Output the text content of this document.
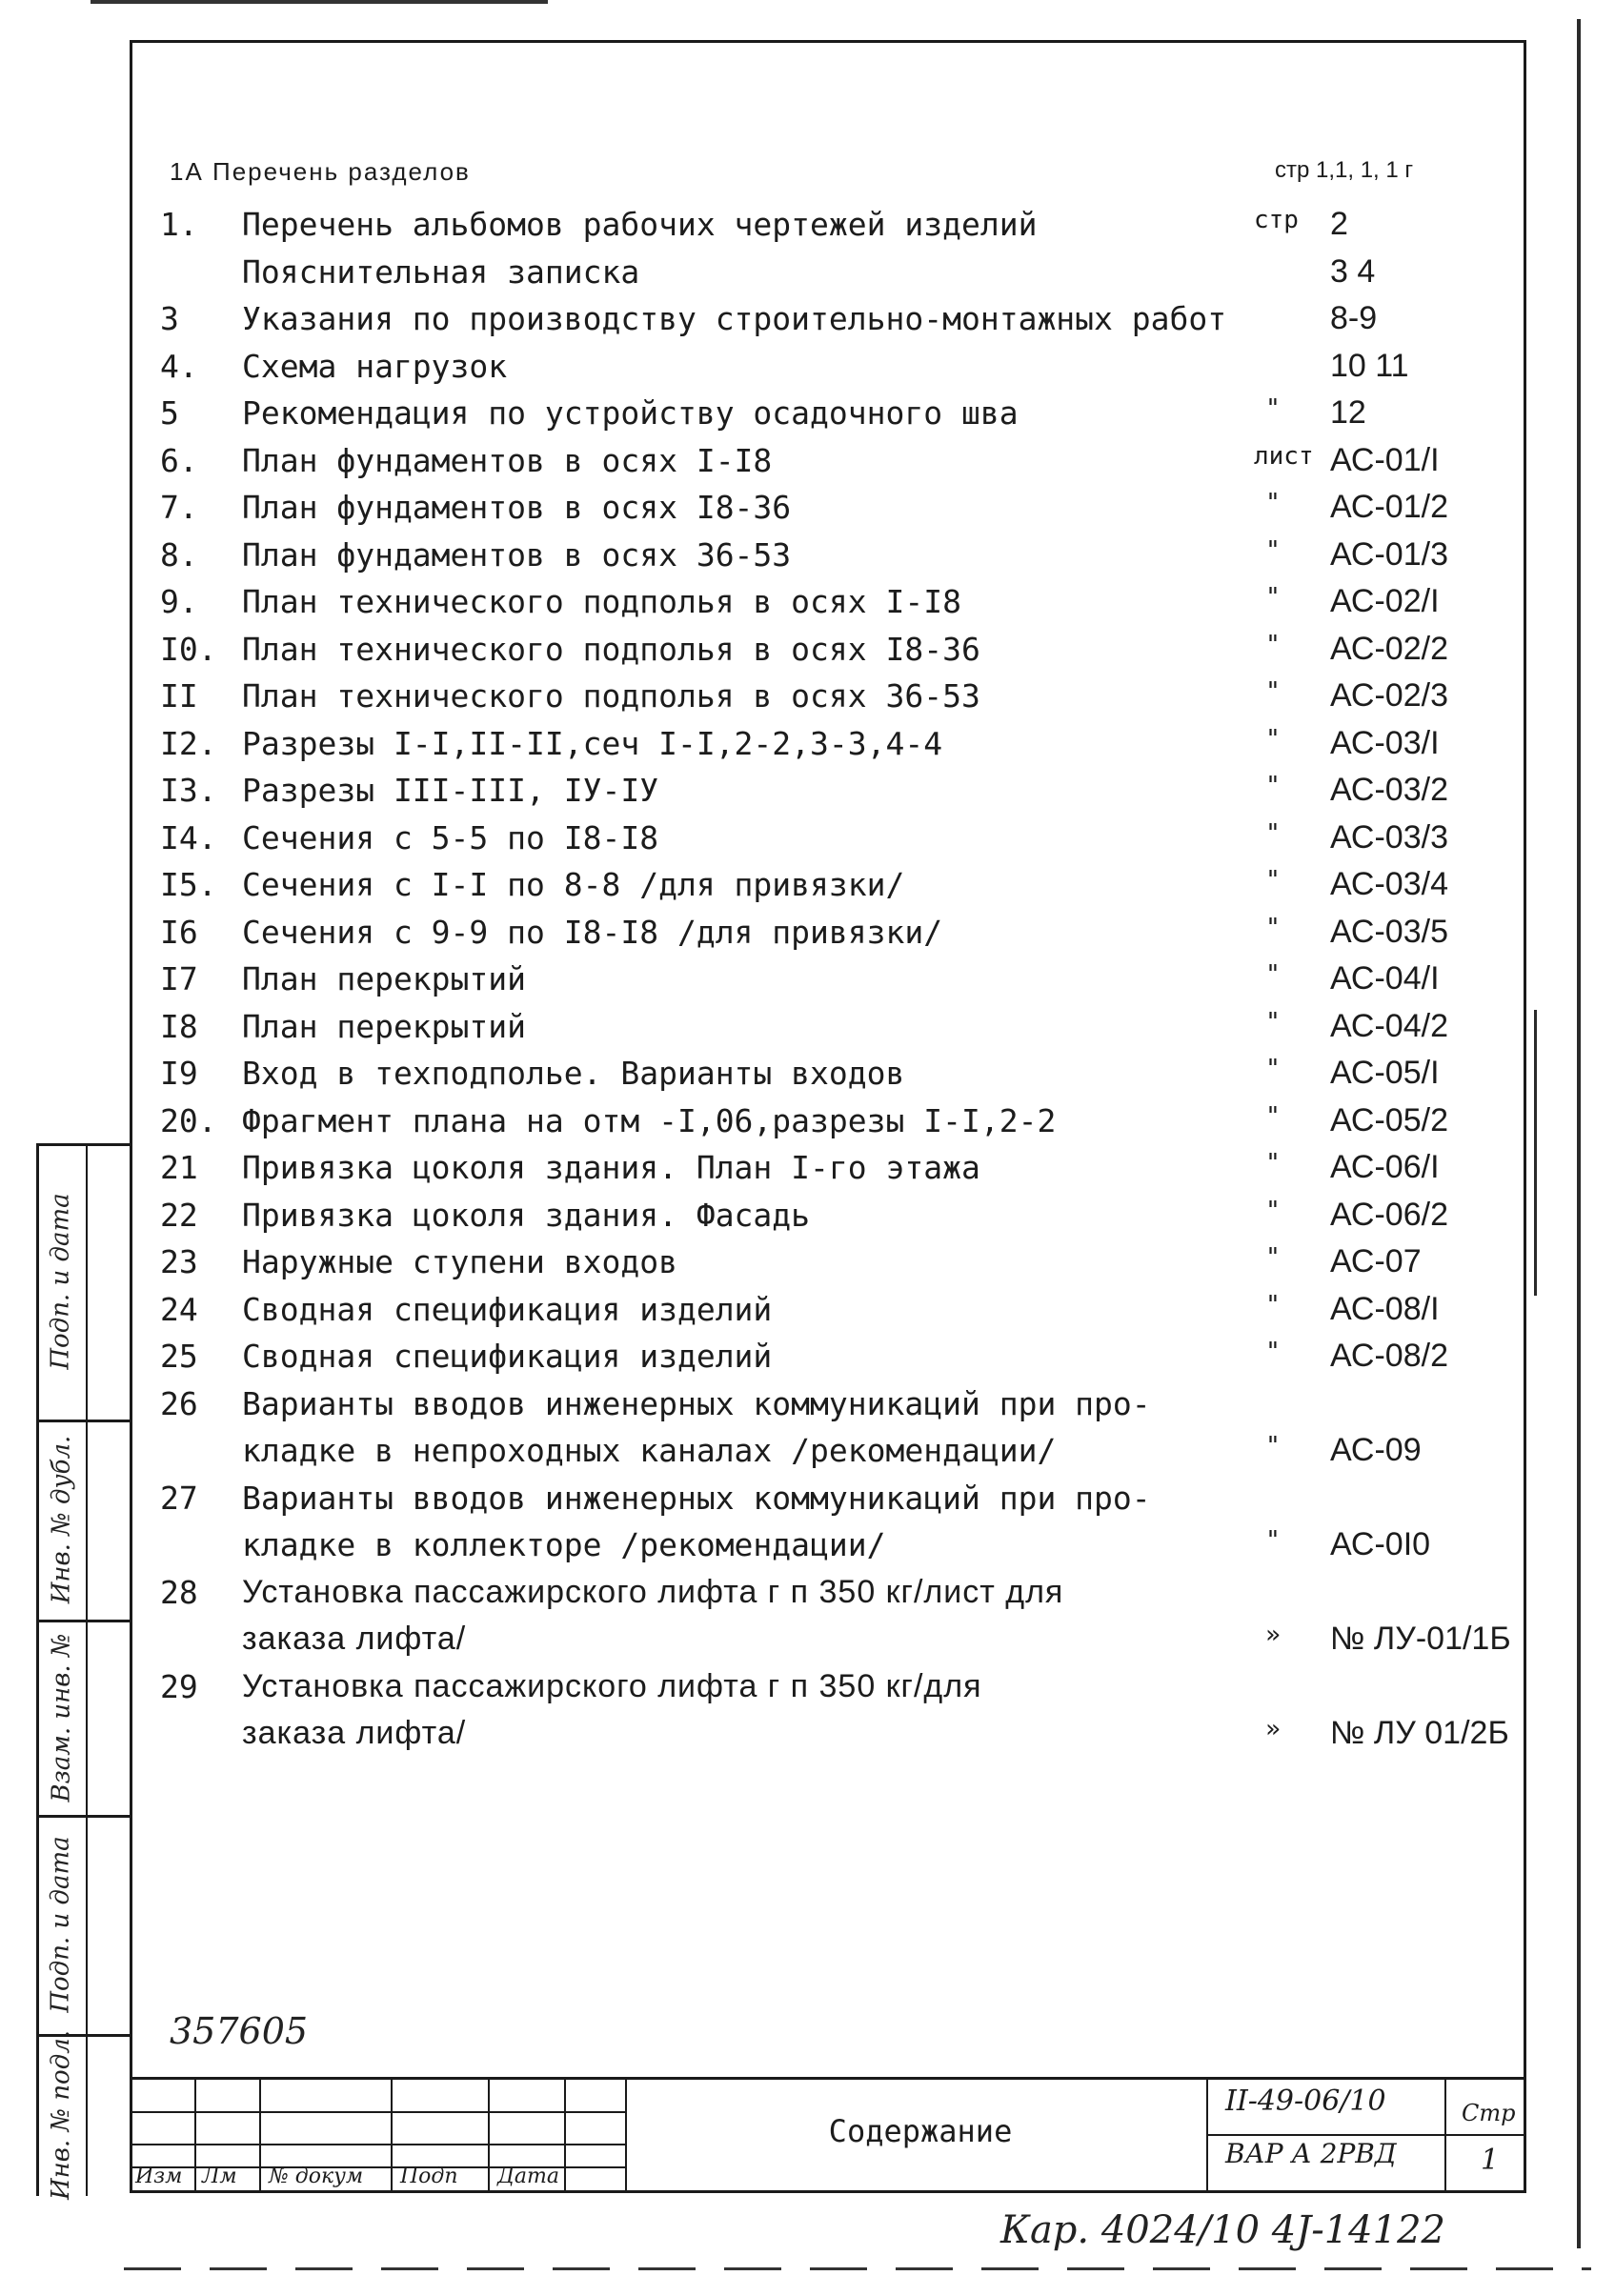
Подп. и дата
Инв. № дубл.
Взам. инв. №
Подп. и дата
Инв. № подл.
1А Перечень разделов	стр 1,1, 1, 1 г
1.	Перечень альбомов рабочих чертежей изделий	стр 2
Пояснительная записка	3 4
3	Указания по производству строительно-монтажных работ	8-9
4.	Схема нагрузок	10 11
5	Рекомендация по устройству осадочного шва	"	12
6.	План фундаментов в осях I-I8	лист АС-01/I
7.	План фундаментов в осях I8-36	"	АС-01/2
8.	План фундаментов в осях 36-53	"	АС-01/3
9.	План технического подполья в осях I-I8	"	АС-02/I
I0. План технического подполья в осях I8-36	"	АС-02/2
II	План технического подполья в осях 36-53	"	АС-02/3
I2. Разрезы I-I,II-II,сеч I-I,2-2,3-3,4-4	"	АС-03/I
I3. Разрезы III-III, IУ-IУ	"	АС-03/2
I4. Сечения с 5-5 по I8-I8	"	АС-03/3
I5. Сечения с I-I по 8-8 /для привязки/	"	АС-03/4
I6	Сечения с 9-9 по I8-I8 /для привязки/	"	АС-03/5
I7	План перекрытий	"	АС-04/I
I8	План перекрытий	"	АС-04/2
I9	Вход в техподполье. Варианты входов	"	АС-05/I
20. Фрагмент плана на отм -I,06,разрезы I-I,2-2	"	АС-05/2
21	Привязка цоколя здания. План I-го этажа	"	АС-06/I
22	Привязка цоколя здания. Фасадь	"	АС-06/2
23	Наружные ступени входов	"	АС-07
24	Сводная спецификация изделий	"	АС-08/I
25	Сводная спецификация изделий	"	АС-08/2
26	Варианты вводов инженерных коммуникаций при про-
кладке в непроходных каналах /рекомендации/	"	АС-09
27	Варианты вводов инженерных коммуникаций при про-
кладке в коллекторе /рекомендации/	"	АС-0I0
28	Установка пассажирского лифта г п 350 кг/лист для
заказа лифта/	»	№ ЛУ-01/1Б
29	Установка пассажирского лифта г п 350 кг/для
заказа лифта/	»	№ ЛУ 01/2Б
357605
Содержание
II-49-06/10
ВАР А 2РВД
Стр
1
Изм Лм № докум Подп Дата
Кар. 4024/10 4J-14122
